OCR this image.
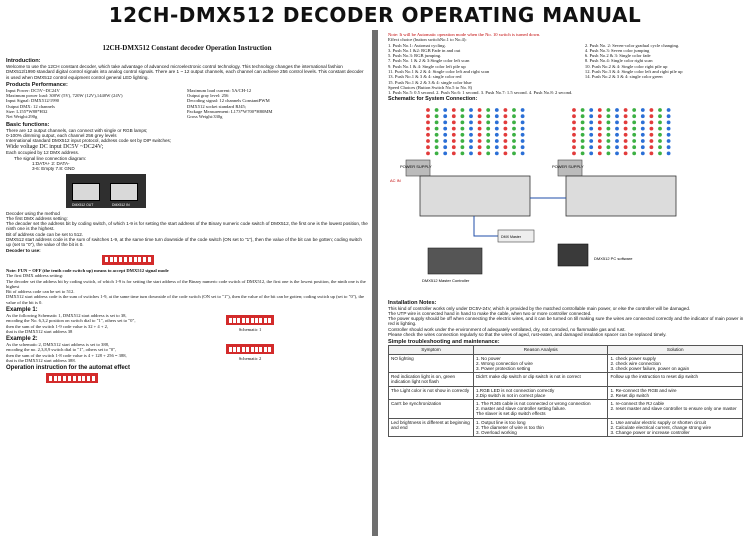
12CH-DMX512 DECODER OPERATING MANUAL
12CH-DMX512 Constant decoder Operation Instruction
Introduction:
Welcome to use the 12CH constant decoder, which take advantage of advanced microelectronic control technology. This technology changes the international fashion DMX512/1990 standard digital control signals into analog control signals. There are 1 ~ 12 output channels, each channel can achieve 256 control levels. This constant decoder is used when DMX512 control equipment control general LED lighting.
Products Performance:
Input Power: DC5V~DC24V
Maximum power load: 300W (5V), 720W (12V),1440W (24V)
Input Signal: DMX512/1990
Output DMX: 12 channels
Size: L155*W88*H32
Net Weight:290g
Maximum load current: 5A/CH-12
Output gray level: 256
Decoding signal: 12 channels ConstantPWM
DMX512 socket standard RJ45;
Package Measurement: L173*W700*H80MM
Gross Weight:330g
Basic functions:
There are 12 output channels, can connect with single or RGB lamps;
0-100% dimming output, each channel 256 grey levels
International standard DMX512 input protocol, address code set by DIP switches;
Wide voltage DC input DC5V ~DC24V;
Each occupied by 12 DMX address.
The signal line connection diagram:
1:DATA+ 2: DATA-
3-6: Empty 7.8: GND
DMX512 OUT	DMX512 IN
Decoder using the method
The first DMX address setting:
The decoder set the address bit by coding switch, of which 1-9 is for setting the start address of the Binary numeric code switch of DMX512, the first one is the lowest position, the ninth one is the highest.
Bit of address code can be set to 512.
DMX512 start address code is the sum of switches 1-9, at the same time turn downside of the code switch (ON set to "1"), then the value of the bit can be gotten; coding switch up (set to "0"), the value of the bit is 0.
Decoder to use:
Note: FUN = OFF (the tenth code switch up) means to accept DMX512 signal mode
The first DMX address setting:
The decoder set the address bit by coding switch, of which 1-9 is for setting the start address of the Binary numeric code switch of DMX512, the first one is the lowest position, the ninth one is the highest
Bit of address code can be set to 512.
DMX512 start address code is the sum of switches 1-9, at the same time turn downside of the code switch (ON set to "1"), then the value of the bit can be gotten; coding switch up (set to "0"), the value of the bit is 0.
Example 1:
As the following Schematic 1, DMX512 start address is set to 38,
encoding the No. 6,3,2 position on switch dial to "1", others set to "0",
then the sum of the switch 1-9 code value is 32 + 4 + 2,
that is the DMX512 start address 38	Schematic 1
Example 2:
As the schematic 2, DMX512 start address is set to 388,
encoding the no. 2,3,8,9 switch dial to "1", others set to "0",
then the sum of the switch 1-8 code value is 4 + 128 + 256 = 388,
that is the DMX512 start address 388.	Schematic 2
Operation instruction for the automat effect
Note: It will be Automatic operation mode when the No. 10 switch is turned down.
Effect choice (button switchNo.1 to No.4):
1. Push No.1: Automat cycling.
3. Push No.1 &2: RGB Fade in and out
5. Push No.3: RGB jumping.
7. Push No. 1 & 2 & 3:Single color left scan
9. Push No.1 & 4: Single color left pile up
11. Push No.1 & 2 & 4: Single color left and right scan
13. Push No.1 & 3 & 4: single color red
15. Push No.1 & 2 & 3 & 4: single color blue
2. Push No. 2: Seven-color gradual cycle changing.
4. Push No.3: Seven color jumping
6. Push No.2 & 3: Single color fade
8. Push No.4: Single color right scan
10. Push No.2 & 4: Single color right pile up
12. Push No.3 & 4: Single color left and right pile up
14. Push No.2 & 3 & 4: single color green
Speed Choices (Button Switch No.5 to No. 8)
1. Push No.5: 0.5 second. 2. Push No.6: 1 second. 3. Push No.7: 1.5 second. 4. Push No.8: 2 second.
Schematic for System Connection:
POWER SUPPLY
AC IN
POWER SUPPLY
DMX Master
DMX512 Master Controller
DMX512 PC software
Installation Notes:
This kind of controller works only under DC5V-24V, which is provided by the matched controllable main power, or else the controller will be damaged.
The UTP wire is connected hand in hand to make the cable, when two or more controller connected.
The power supply should be off when connecting the electric wires, and it can be turned on till making sure the wires are connected correctly and the indicator of main power in red is lighting.
Controller should work under the environment of adequately ventilated, dry, not corroded, no flammable gas and rust.
Please check the wires connection regularly so that the wires of aged, rust-eaten, and damaged insulation spacer can be replaced timely.
Simple troubleshooting and maintenance:
Symptom	Reason Analysis	Solution
NO lighting	1. No power
2. Wrong connection of wire
3. Power protection setting	1. check power supply
2. check wire connection
3. check power failure, power on again

Red indication light is on, green indication light not flash	Didn't make dip switch or dip switch is not in correct	Follow up the instruction to reset dip switch

The Light color is not show in correctly	1.RGB LED is not connection correctly
2.Dip switch is not in correct place	1. Re-connect the RGB and wire
2. Reset dip switch

Can't be synchronization	1. The RJ45 cable is not connected or wrong connection
2. master and slave controller setting failure.
The slaver is set dip switch effects	1. re-connect the RJ cable
2. reset master and slave controller to ensure only one master

Led brightness is different at beginning and end	1. Output line is too long
2. The diameter of wire is too thin
3. Overload working	1. Use annular electric supply or shorten circuit
2. Calculate electrical current, change strong wire
3. Change power or increase controller
